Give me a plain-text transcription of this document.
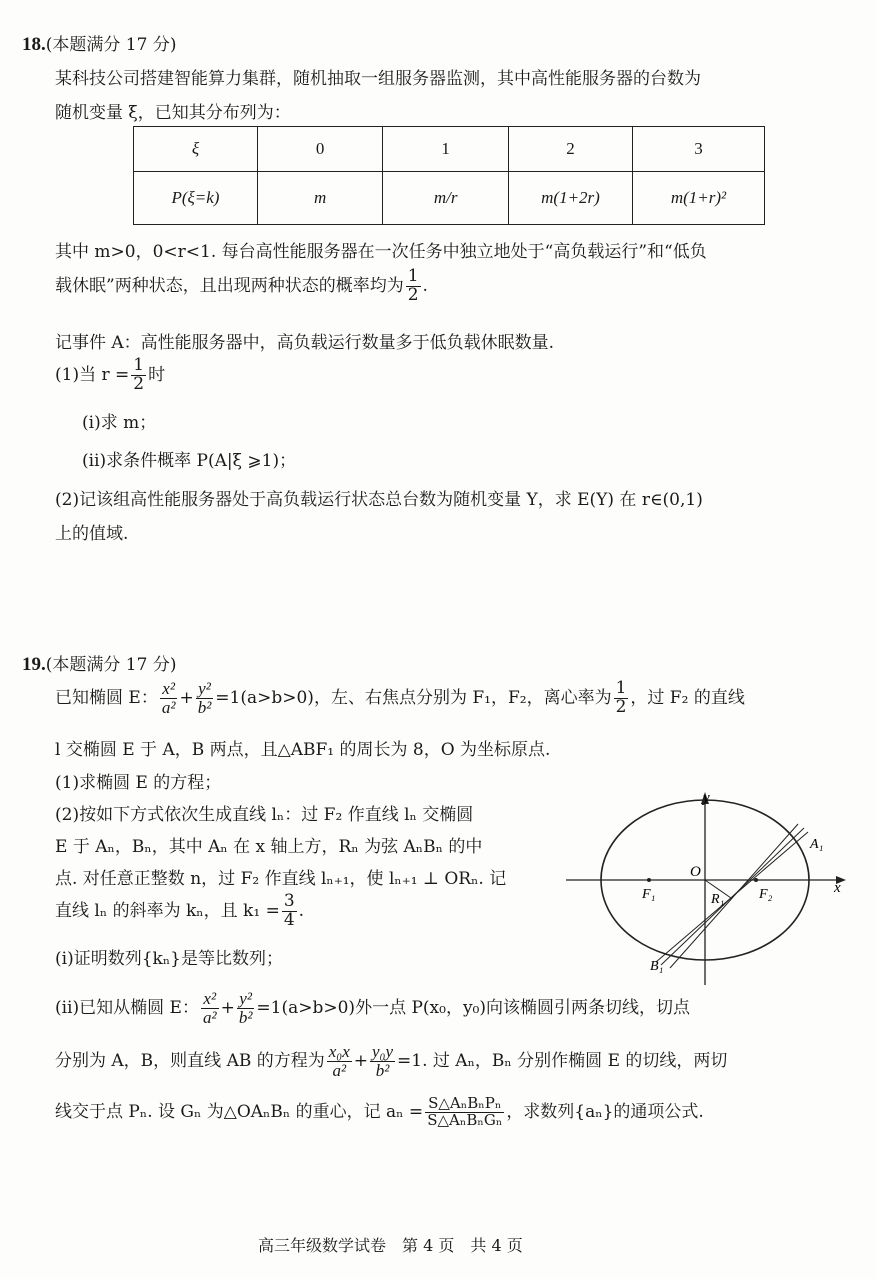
18.(本题满分 17 分)
某科技公司搭建智能算力集群，随机抽取一组服务器监测，其中高性能服务器的台数为
随机变量 ξ，已知其分布列为：
ξ	0	1	2	3
P(ξ=k)	m	m/r	m(1+2r)	m(1+r)²
其中 m>0，0<r<1. 每台高性能服务器在一次任务中独立地处于“高负载运行”和“低负
载休眠”两种状态，且出现两种状态的概率均为 $\frac{1}{2}$ .
记事件 A：高性能服务器中，高负载运行数量多于低负载休眠数量.
(1)当 $r = \frac{1}{2}$ 时
(ⅰ)求 m；
(ⅱ)求条件概率 P(A|ξ ⩾1)；
(2)记该组高性能服务器处于高负载运行状态总台数为随机变量 Y，求 E(Y) 在 r∈(0,1)
上的值域.
19.(本题满分 17 分)
已知椭圆 E： $\frac{\text{x²}}{\text{a²}} + \frac{\text{y²}}{\text{b²}} =1(a>b>0)$，左、右焦点分别为 F₁，F₂，离心率为 $\frac{1}{2}$ ，过 F₂ 的直线
l 交椭圆 E 于 A，B 两点，且△ABF₁ 的周长为 8，O 为坐标原点.
(1)求椭圆 E 的方程；
(2)按如下方式依次生成直线 lₙ：过 F₂ 作直线 lₙ 交椭圆
E 于 Aₙ，Bₙ，其中 Aₙ 在 x 轴上方，Rₙ 为弦 AₙBₙ 的中
点. 对任意正整数 n，过 F₂ 作直线 lₙ₊₁，使 lₙ₊₁ ⊥ ORₙ. 记
直线 lₙ 的斜率为 kₙ，且 $k_1 = \frac{3}{4}$ .
(ⅰ)证明数列{kₙ}是等比数列；
(ⅱ)已知从椭圆 E： $\frac{\text{x²}}{\text{a²}} + \frac{\text{y²}}{\text{b²}} =1(a>b>0)$外一点 P(x₀，y₀)向该椭圆引两条切线，切点
分别为 A，B，则直线 AB 的方程为 $\frac{\text{x₀x}}{\text{a²}} + \frac{\text{y₀y}}{\text{b²}} =1$. 过 Aₙ，Bₙ 分别作椭圆 E 的切线，两切
线交于点 Pₙ. 设 Gₙ 为△OAₙBₙ 的重心，记 $a_n = \frac{\text{S△AₙBₙPₙ}}{\text{S△AₙBₙGₙ}}$ ，求数列{aₙ}的通项公式.
y
x
O
F₁	F₂
R₁
A₁
B₁
高三年级数学试卷　第 4 页　共 4 页
